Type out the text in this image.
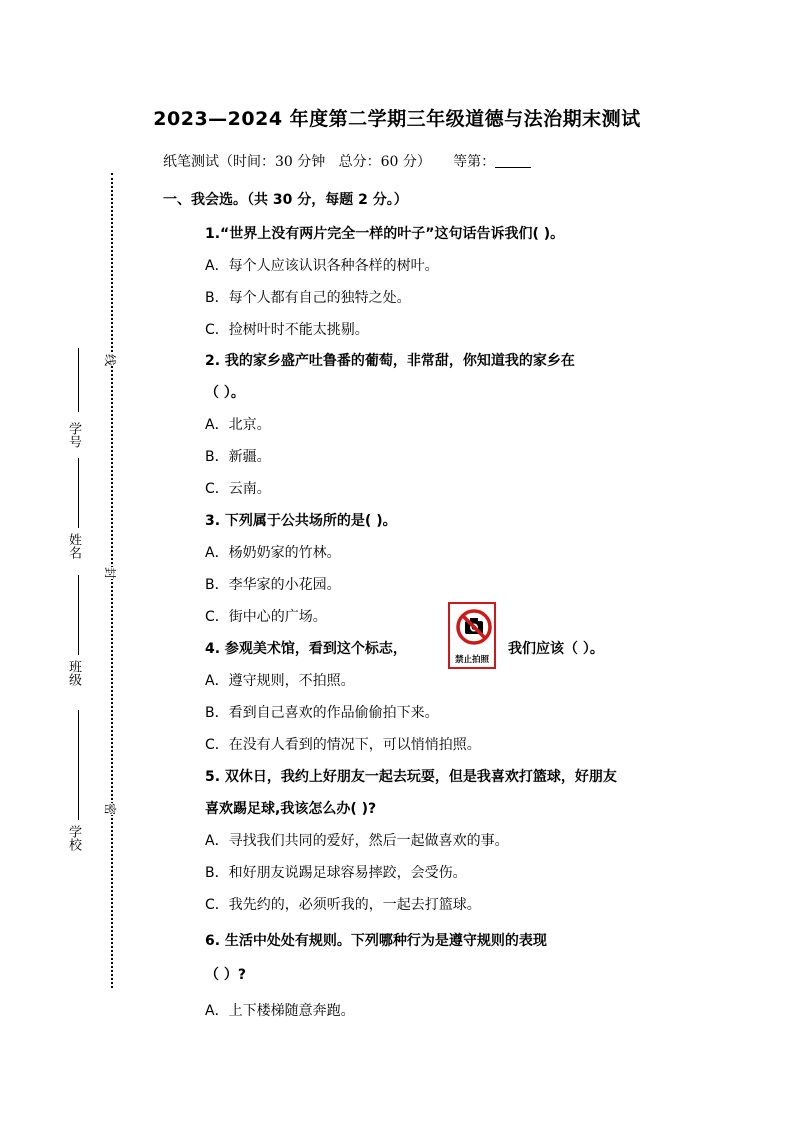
2023—2024 年度第二学期三年级道德与法治期末测试
纸笔测试（时间：30 分钟   总分：60 分）     等第：
学号
姓名
班级
学校
线
封
密
一、我会选。（共 30 分，每题 2 分。）
1.“世界上没有两片完全一样的叶子”这句话告诉我们( )。
A．每个人应该认识各种各样的树叶。
B．每个人都有自己的独特之处。
C．捡树叶时不能太挑剔。
2. 我的家乡盛产吐鲁番的葡萄，非常甜，你知道我的家乡在
（ ）。
A．北京。
B．新疆。
C．云南。
3. 下列属于公共场所的是( )。
A．杨奶奶家的竹林。
B．李华家的小花园。
C．街中心的广场。
4. 参观美术馆，看到这个标志，
禁止拍照
我们应该（ ）。
A．遵守规则，不拍照。
B．看到自己喜欢的作品偷偷拍下来。
C．在没有人看到的情况下，可以悄悄拍照。
5. 双休日，我约上好朋友一起去玩耍，但是我喜欢打篮球，好朋友
喜欢踢足球,我该怎么办( )?
A．寻找我们共同的爱好，然后一起做喜欢的事。
B．和好朋友说踢足球容易摔跤，会受伤。
C．我先约的，必须听我的，一起去打篮球。
6. 生活中处处有规则。下列哪种行为是遵守规则的表现
（ ）?
A．上下楼梯随意奔跑。
